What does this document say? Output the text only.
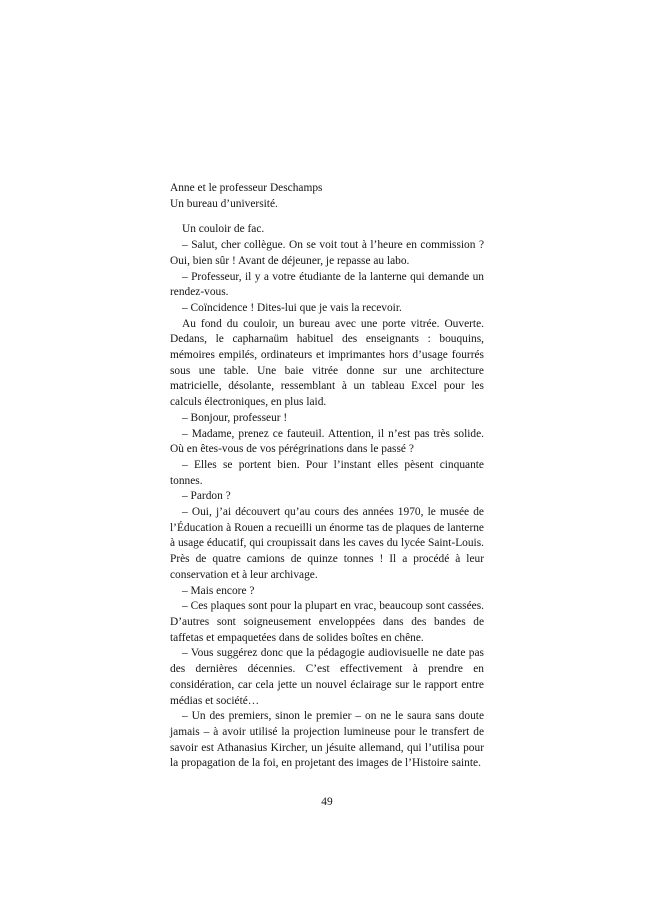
Anne et le professeur Deschamps
Un bureau d’université.

Un couloir de fac.

– Salut, cher collègue. On se voit tout à l’heure en commission ? Oui, bien sûr ! Avant de déjeuner, je repasse au labo.

– Professeur, il y a votre étudiante de la lanterne qui demande un rendez-vous.

– Coïncidence ! Dites-lui que je vais la recevoir.

Au fond du couloir, un bureau avec une porte vitrée. Ouverte. Dedans, le capharnaüm habituel des enseignants : bouquins, mémoires empilés, ordinateurs et imprimantes hors d’usage fourrés sous une table. Une baie vitrée donne sur une architecture matricielle, désolante, ressemblant à un tableau Excel pour les calculs électroniques, en plus laid.

– Bonjour, professeur !

– Madame, prenez ce fauteuil. Attention, il n’est pas très solide. Où en êtes-vous de vos pérégrinations dans le passé ?

– Elles se portent bien. Pour l’instant elles pèsent cinquante tonnes.

– Pardon ?

– Oui, j’ai découvert qu’au cours des années 1970, le musée de l’Éducation à Rouen a recueilli un énorme tas de plaques de lanterne à usage éducatif, qui croupissait dans les caves du lycée Saint-Louis. Près de quatre camions de quinze tonnes ! Il a procédé à leur conservation et à leur archivage.

– Mais encore ?

– Ces plaques sont pour la plupart en vrac, beaucoup sont cassées. D’autres sont soigneusement enveloppées dans des bandes de taffetas et empaquetées dans de solides boîtes en chêne.

– Vous suggérez donc que la pédagogie audiovisuelle ne date pas des dernières décennies. C’est effectivement à prendre en considération, car cela jette un nouvel éclairage sur le rapport entre médias et société…

– Un des premiers, sinon le premier – on ne le saura sans doute jamais – à avoir utilisé la projection lumineuse pour le transfert de savoir est Athanasius Kircher, un jésuite allemand, qui l’utilisa pour la propagation de la foi, en projetant des images de l’Histoire sainte.

49
